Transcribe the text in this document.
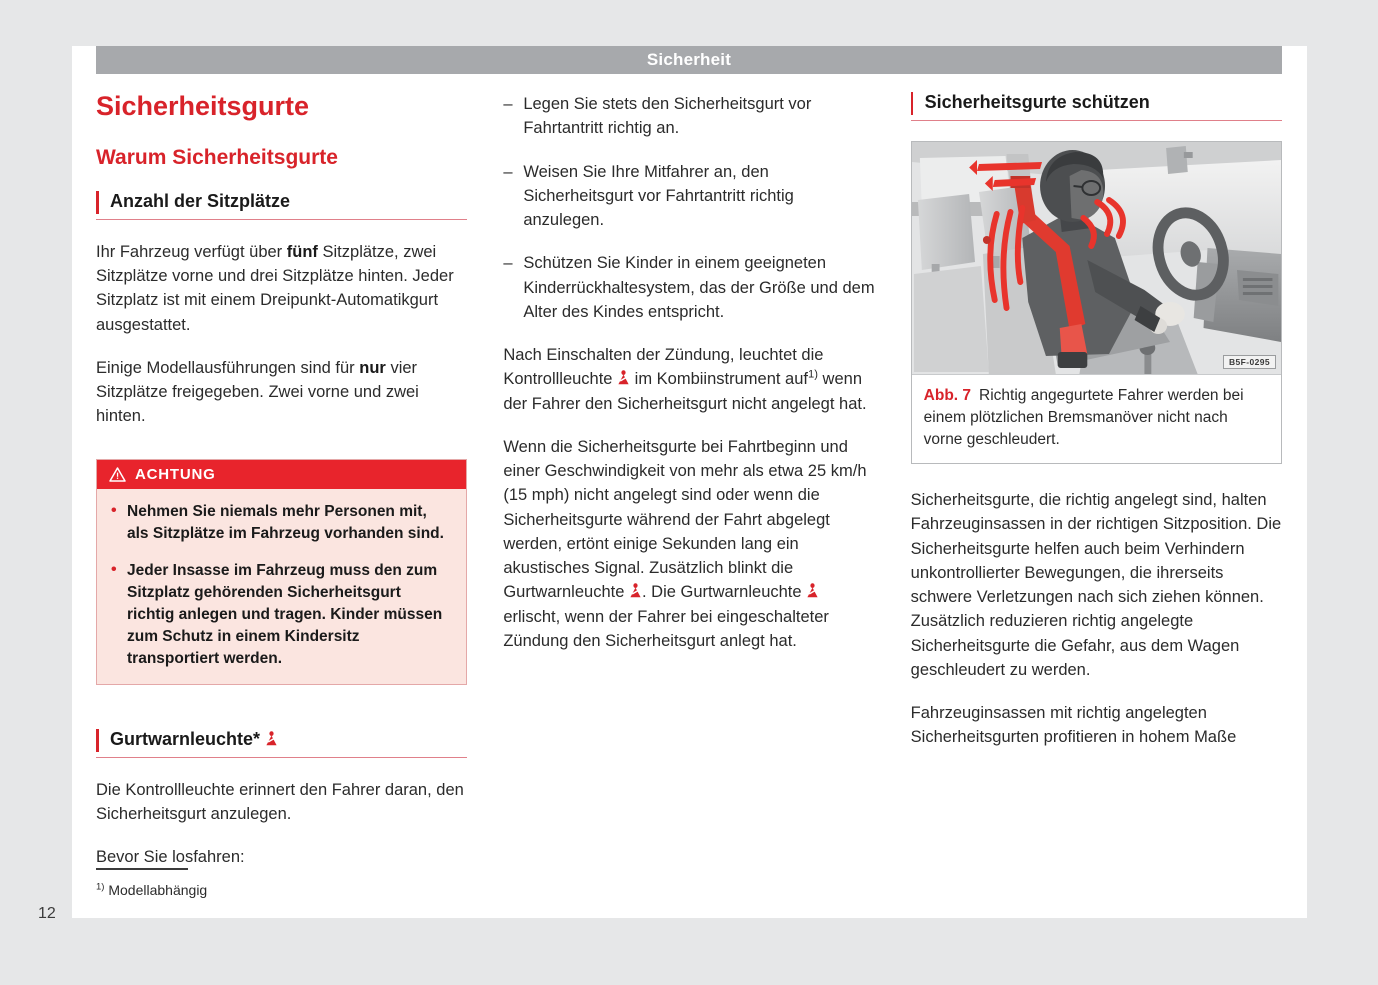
Sicherheit
12
Sicherheitsgurte
Warum Sicherheitsgurte
Anzahl der Sitzplätze

Ihr Fahrzeug verfügt über fünf Sitzplätze, zwei Sitzplätze vorne und drei Sitzplätze hinten. Jeder Sitzplatz ist mit einem Dreipunkt-Automatikgurt ausgestattet.

Einige Modellausführungen sind für nur vier Sitzplätze freigegeben. Zwei vorne und zwei hinten.

ACHTUNG
• Nehmen Sie niemals mehr Personen mit, als Sitzplätze im Fahrzeug vorhanden sind.
• Jeder Insasse im Fahrzeug muss den zum Sitzplatz gehörenden Sicherheitsgurt richtig anlegen und tragen. Kinder müssen zum Schutz in einem Kindersitz transportiert werden.
Gurtwarnleuchte*

Die Kontrollleuchte erinnert den Fahrer daran, den Sicherheitsgurt anzulegen.

Bevor Sie losfahren:

– Legen Sie stets den Sicherheitsgurt vor Fahrtantritt richtig an.
– Weisen Sie Ihre Mitfahrer an, den Sicherheitsgurt vor Fahrtantritt richtig anzulegen.
– Schützen Sie Kinder in einem geeigneten Kinderrückhaltesystem, das der Größe und dem Alter des Kindes entspricht.

Nach Einschalten der Zündung, leuchtet die Kontrollleuchte
im Kombiinstrument auf$^{1)}$ wenn der Fahrer den Sicherheitsgurt nicht angelegt hat.

Wenn die Sicherheitsgurte bei Fahrtbeginn und einer Geschwindigkeit von mehr als etwa 25 km/h (15 mph) nicht angelegt sind oder wenn die Sicherheitsgurte während der Fahrt abgelegt werden, ertönt einige Sekunden lang ein akustisches Signal. Zusätzlich blinkt die Gurtwarnleuchte
. Die Gurtwarnleuchte
erlischt, wenn der Fahrer bei eingeschalteter Zündung den Sicherheitsgurt anlegt hat.

Sicherheitsgurte schützen
B5F-0295
Abb. 7 Richtig angegurtete Fahrer werden bei einem plötzlichen Bremsmanöver nicht nach vorne geschleudert.

Sicherheitsgurte, die richtig angelegt sind, halten Fahrzeuginsassen in der richtigen Sitzposition. Die Sicherheitsgurte helfen auch beim Verhindern unkontrollierter Bewegungen, die ihrerseits schwere Verletzungen nach sich ziehen können. Zusätzlich reduzieren richtig angelegte Sicherheitsgurte die Gefahr, aus dem Wagen geschleudert zu werden.

Fahrzeuginsassen mit richtig angelegten Sicherheitsgurten profitieren in hohem Maße

$^{1)}$ Modellabhängig
